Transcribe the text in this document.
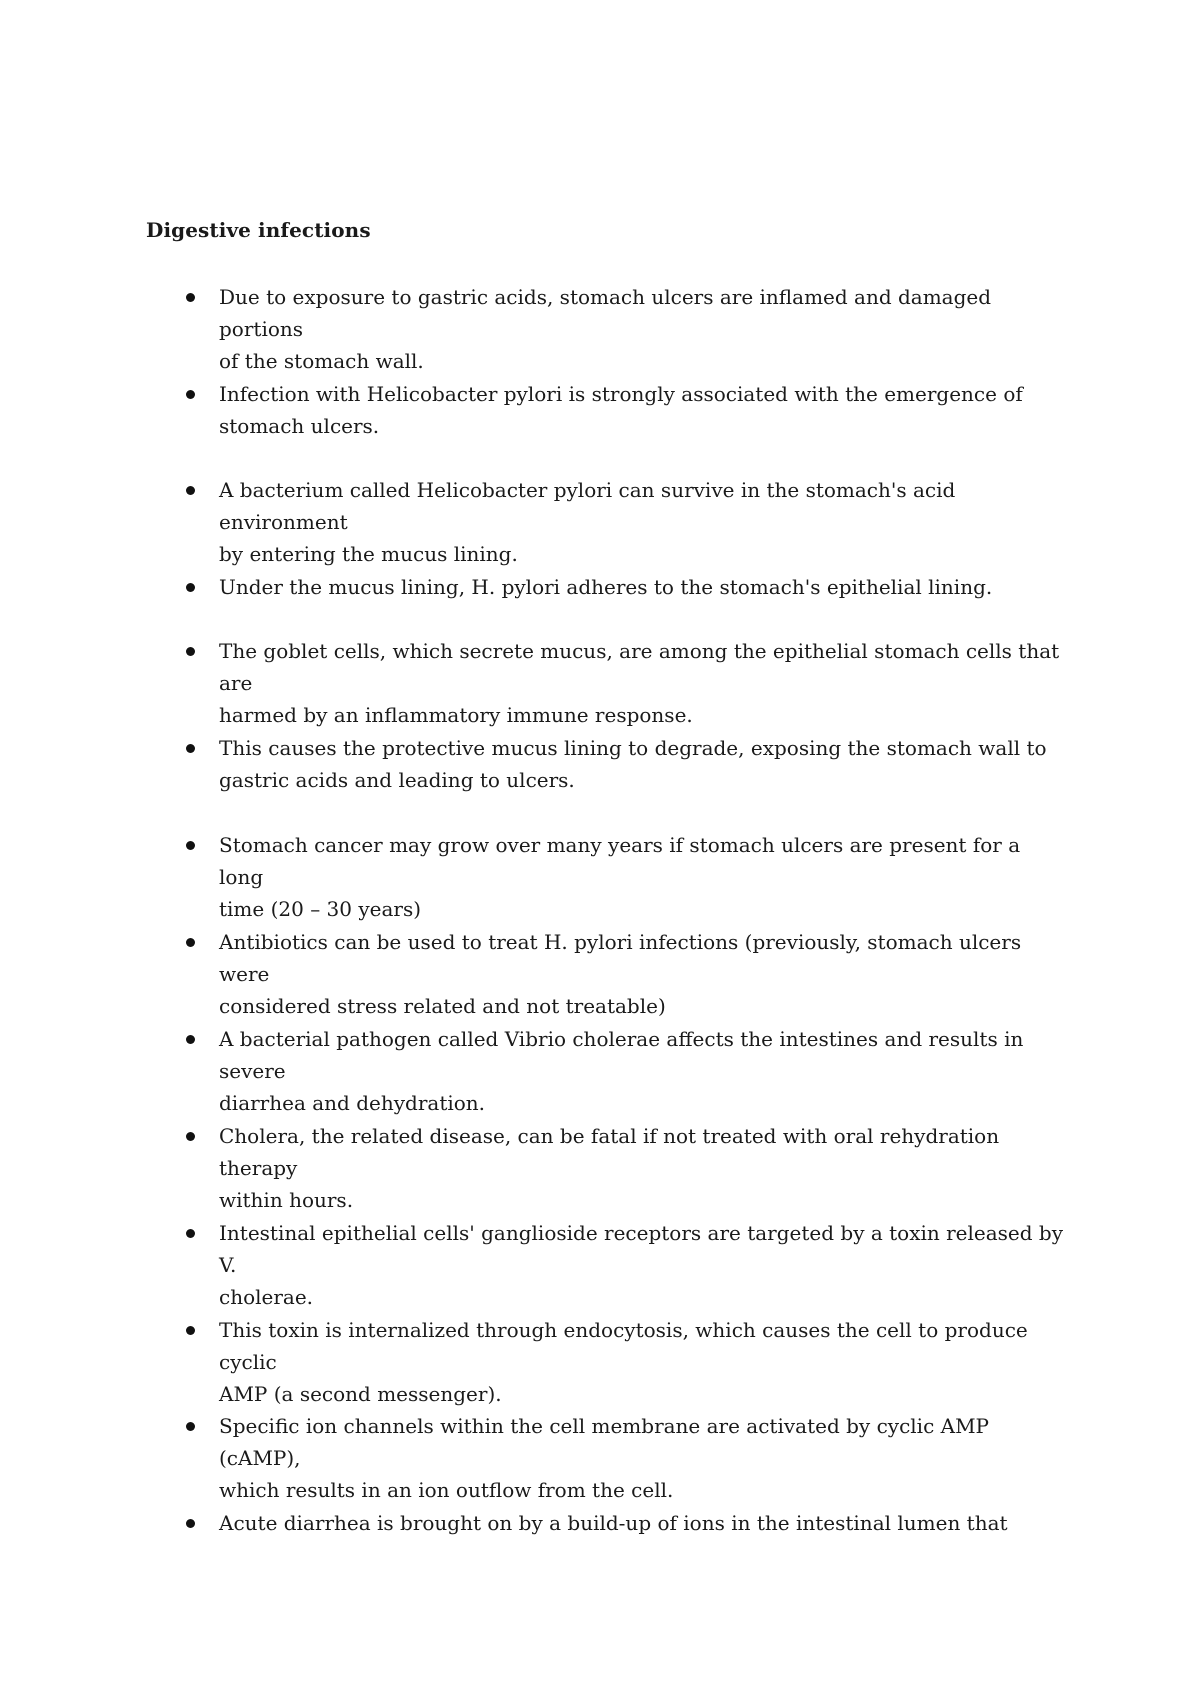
Digestive infections

Due to exposure to gastric acids, stomach ulcers are inflamed and damaged portions
of the stomach wall.

Infection with Helicobacter pylori is strongly associated with the emergence of
stomach ulcers.

A bacterium called Helicobacter pylori can survive in the stomach's acid environment
by entering the mucus lining.

Under the mucus lining, H. pylori adheres to the stomach's epithelial lining.

The goblet cells, which secrete mucus, are among the epithelial stomach cells that are
harmed by an inflammatory immune response.

This causes the protective mucus lining to degrade, exposing the stomach wall to
gastric acids and leading to ulcers.

Stomach cancer may grow over many years if stomach ulcers are present for a long
time (20 – 30 years)

Antibiotics can be used to treat H. pylori infections (previously, stomach ulcers were
considered stress related and not treatable)

A bacterial pathogen called Vibrio cholerae affects the intestines and results in severe
diarrhea and dehydration.

Cholera, the related disease, can be fatal if not treated with oral rehydration therapy
within hours.

Intestinal epithelial cells' ganglioside receptors are targeted by a toxin released by V.
cholerae.

This toxin is internalized through endocytosis, which causes the cell to produce cyclic
AMP (a second messenger).

Specific ion channels within the cell membrane are activated by cyclic AMP (cAMP),
which results in an ion outflow from the cell.

Acute diarrhea is brought on by a build-up of ions in the intestinal lumen that
